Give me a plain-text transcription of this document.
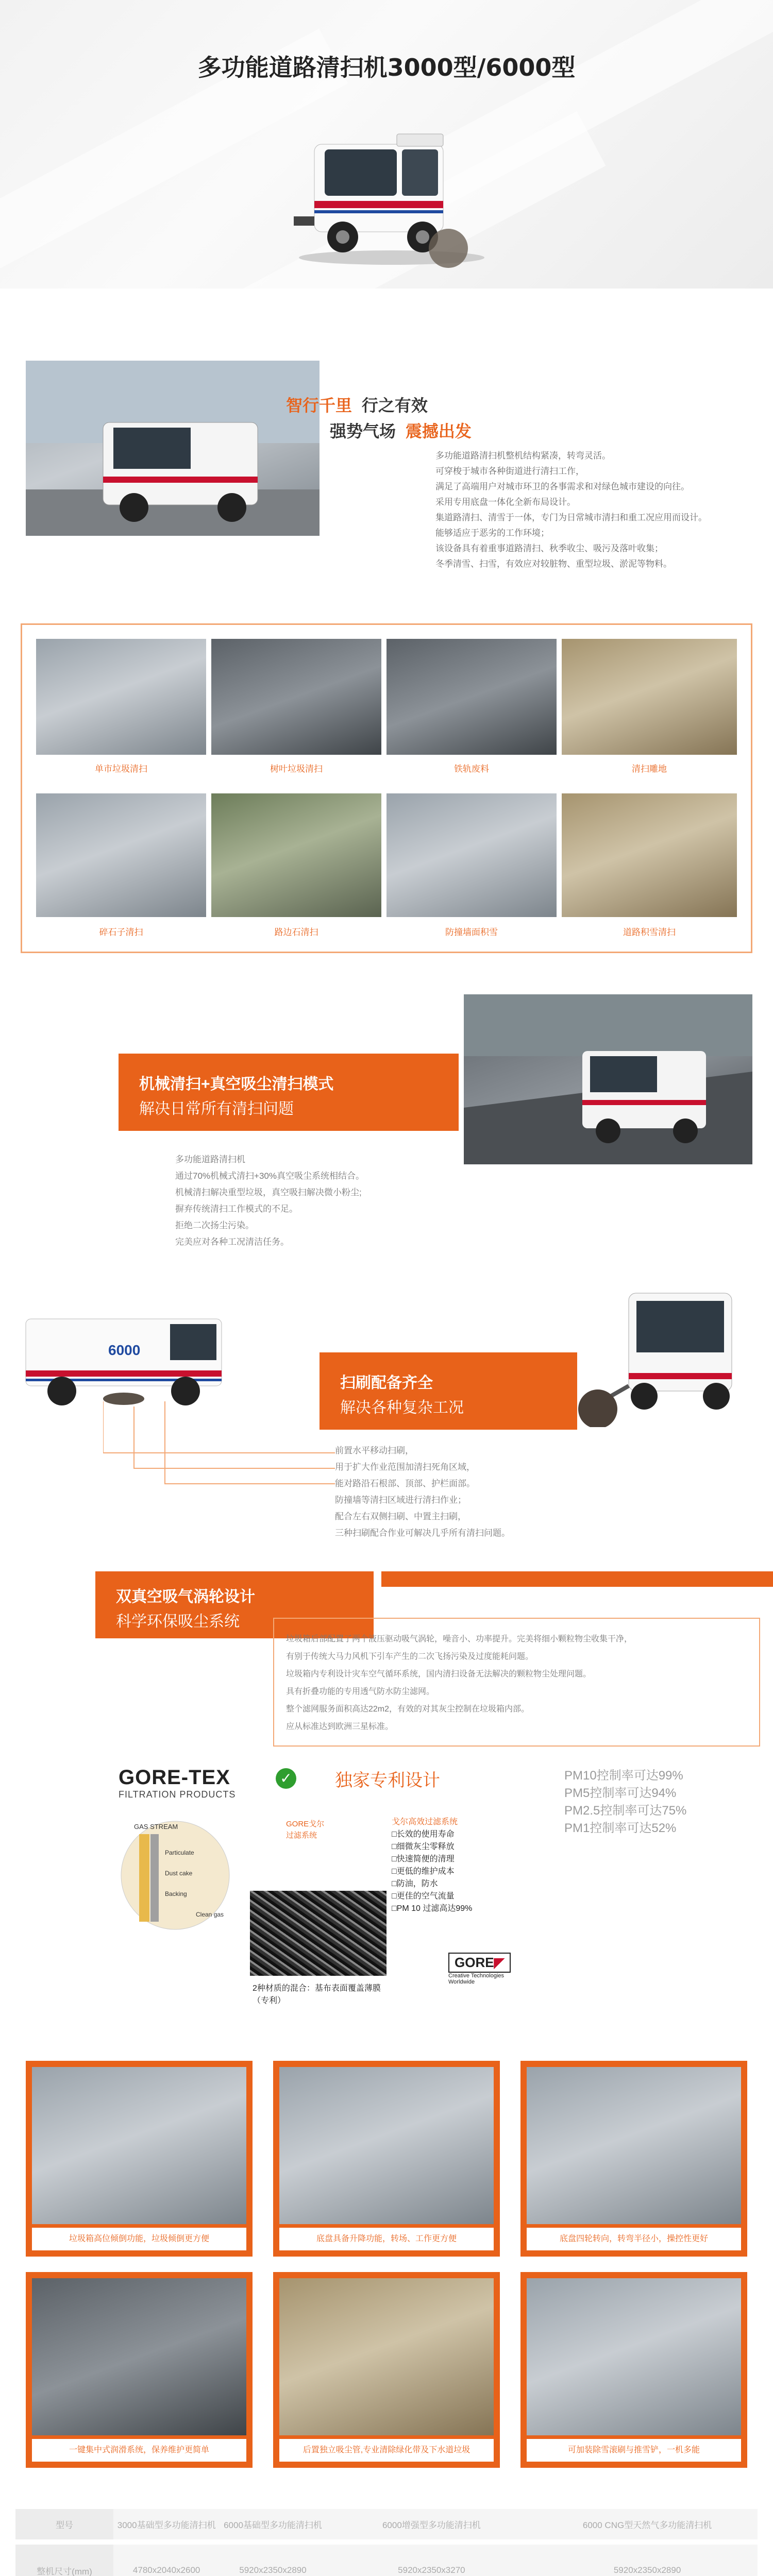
多功能道路清扫机3000型/6000型
智行千里 行之有效
强势气场 震撼出发

多功能道路清扫机整机结构紧凑，转弯灵活。

可穿梭于城市各种街道进行清扫工作，

满足了高端用户对城市环卫的各事需求和对绿色城市建设的向往。

采用专用底盘一体化全新布局设计。

集道路清扫、清雪于一体，专门为日常城市清扫和重工况应用而设计。

能够适应于恶劣的工作环境；

该设备具有着重事道路清扫、秋季收尘、吸污及落叶收集；

冬季清雪、扫雪，有效应对较脏物、重型垃圾、淤泥等物料。

单市垃圾清扫	树叶垃圾清扫	铁轨废料	清扫雕地
碎石子清扫	路边石清扫	防撞墙面积雪	道路积雪清扫
机械清扫+真空吸尘清扫模式
解决日常所有清扫问题

多功能道路清扫机

通过70%机械式清扫+30%真空吸尘系统相结合。

机械清扫解决重型垃圾，真空吸扫解决微小粉尘;

摒弃传统清扫工作模式的不足。

拒绝二次扬尘污染。

完美应对各种工况清洁任务。

6000
扫刷配备齐全
解决各种复杂工况

前置水平移动扫刷，

用于扩大作业范围加清扫死角区域，

能对路沿石根部、顶部、护栏面部。

防撞墙等清扫区域进行清扫作业；

配合左右双侧扫刷、中置主扫刷，

三种扫刷配合作业可解决几乎所有清扫问题。

双真空吸气涡轮设计
科学环保吸尘系统

垃圾箱后部配置了两个液压驱动吸气涡轮，噪音小、功率提升。完美将细小颗粒物尘收集干净，

有别于传统大马力风机下引车产生的二次飞扬污染及过度能耗问题。

垃圾箱内专利设计灾车空气循环系统，国内清扫设备无法解决的颗粒物尘处理问题。

具有折叠功能的专用透气防水防尘滤网。

整个滤网服务面积高达22m2，有效的对其灰尘控制在垃圾箱内部。

应从标准达到欧洲三星标准。

GORE-TEX
FILTRATION PRODUCTS
✓ 独家专利设计	PM10控制率可达99%
PM5控制率可达94%
PM2.5控制率可达75%
PM1控制率可达52%
GAS STREAM
Particulate
Dust cake
Backing
Clean gas
GORE戈尔
过滤系统
戈尔高效过滤系统
□长效的使用寿命
□细微灰尘零释放
□快速简便的清理
□更低的维护成本
□防油，防水
□更佳的空气流量
□PM 10 过滤高达99%
2种材质的混合：基布表面覆盖薄膜（专利）
GORE◤
Creative Technologies
Worldwide
垃圾箱高位倾倒功能，垃圾倾倒更方便	底盘具备升降功能，转场、工作更方便	底盘四轮转向，转弯半径小，操控性更好
一键集中式润滑系统，保养维护更简单	后置独立吸尘管,专业清除绿化带及下水道垃圾	可加装除雪滚刷与推雪铲，一机多能
型号	3000基础型多功能清扫机	6000基础型多功能清扫机	6000增强型多功能清扫机	6000 CNG型天然气多功能清扫机
整机尺寸(mm)	4780x2040x2600	5920x2350x2890	5920x2350x3270	5920x2350x2890
